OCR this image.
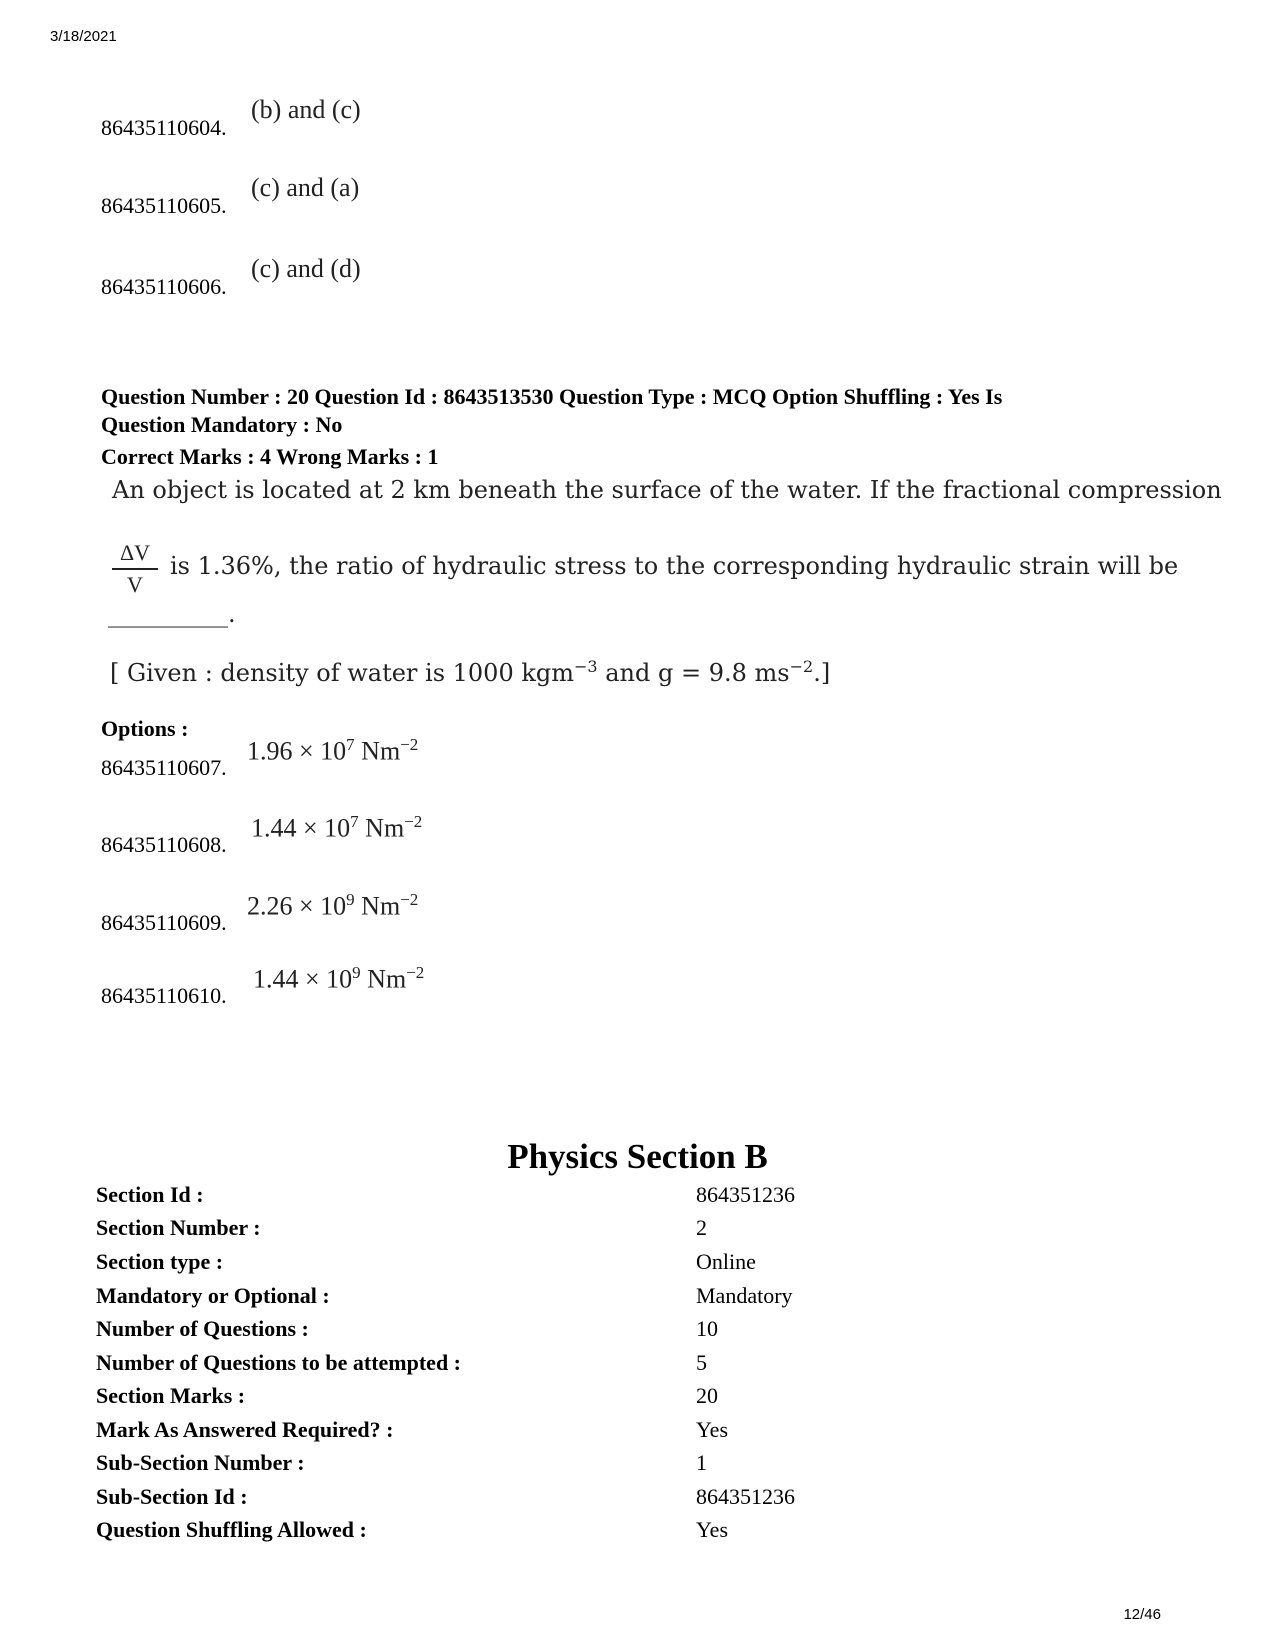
3/18/2021
86435110604.
(b) and (c)
86435110605.
(c) and (a)
86435110606.
(c) and (d)
Question Number : 20 Question Id : 8643513530 Question Type : MCQ Option Shuffling : Yes Is
Question Mandatory : No
Correct Marks : 4 Wrong Marks : 1
An object is located at 2 km beneath the surface of the water. If the fractional compression
$\frac{\Delta V}{V}$ is 1.36%, the ratio of hydraulic stress to the corresponding hydraulic strain will be
__________.
[ Given : density of water is 1000 kgm$^{-3}$ and g = 9.8 $ms^{-2}$.]
Options :
86435110607.
$1.96 \times 10^7$ $Nm^{-2}$
86435110608.
$1.44 \times 10^7$ $Nm^{-2}$
86435110609.
$2.26 \times 10^9$ $Nm^{-2}$
86435110610.
$1.44 \times 10^9$ $Nm^{-2}$
Physics Section B
Section Id :	864351236
Section Number :	2
Section type :	Online
Mandatory or Optional :	Mandatory
Number of Questions :	10
Number of Questions to be attempted :	5
Section Marks :	20
Mark As Answered Required? :	Yes
Sub-Section Number :	1
Sub-Section Id :	864351236
Question Shuffling Allowed :	Yes
12/46
